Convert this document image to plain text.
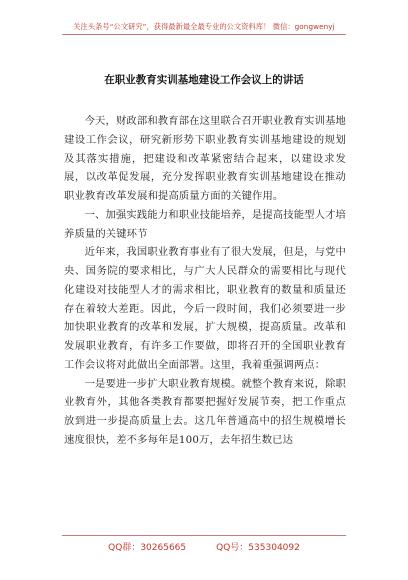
关注头条号“公文研究”，获得最新最全最专业的公文资料库！ 微信：gongwenyj
在职业教育实训基地建设工作会议上的讲话

今天，财政部和教育部在这里联合召开职业教育实训基地建设工作会议，研究新形势下职业教育实训基地建设的规划及其落实措施，把建设和改革紧密结合起来，以建设求发展，以改革促发展，充分发挥职业教育实训基地建设在推动职业教育改革发展和提高质量方面的关键作用。

一、加强实践能力和职业技能培养，是提高技能型人才培养质量的关键环节

近年来，我国职业教育事业有了很大发展，但是，与党中央、国务院的要求相比，与广大人民群众的需要相比与现代化建设对技能型人才的需求相比，职业教育的数量和质量还存在着较大差距。因此，今后一段时间，我们必须要进一步加快职业教育的改革和发展，扩大规模，提高质量。改革和发展职业教育，有许多工作要做，即将召开的全国职业教育工作会议将对此做出全面部署。这里，我着重强调两点：

一是要进一步扩大职业教育规模。就整个教育来说，除职业教育外，其他各类教育都要把握好发展节奏，把工作重点放到进一步提高质量上去。这几年普通高中的招生规模增长速度很快，差不多每年是100万，去年招生数已达

QQ群：30265665	QQ号：535304092
